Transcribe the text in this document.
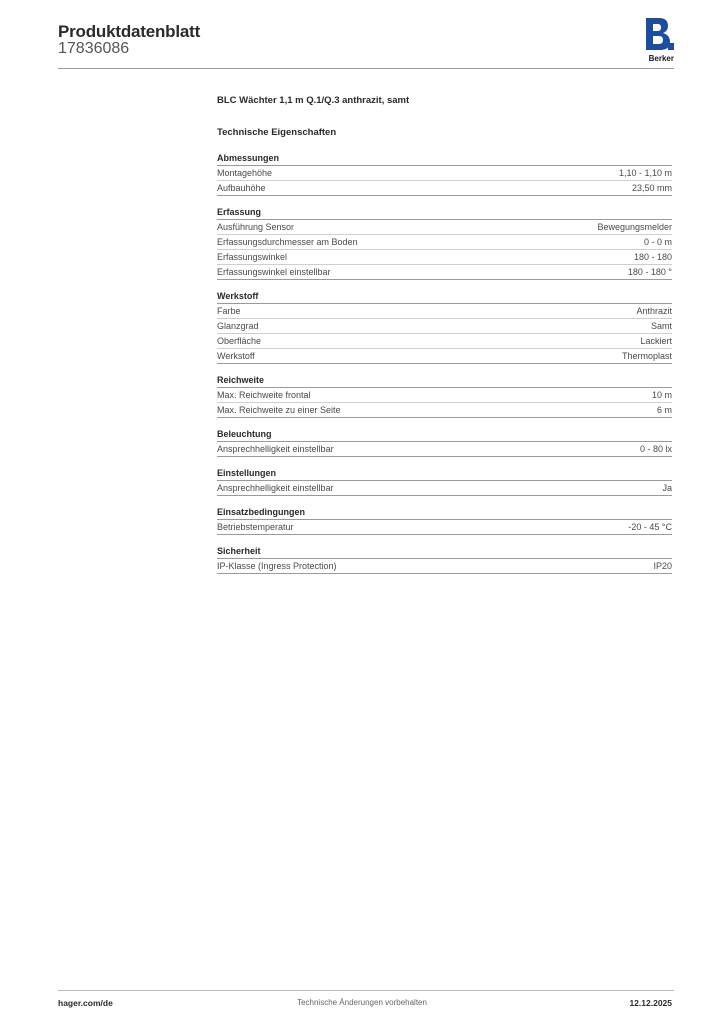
Produktdatenblatt
17836086
Berker
BLC Wächter 1,1 m Q.1/Q.3 anthrazit, samt
Technische Eigenschaften
Abmessungen
Montagehöhe	1,10 - 1,10 m
Aufbauhöhe	23,50 mm
Erfassung
Ausführung Sensor	Bewegungsmelder
Erfassungsdurchmesser am Boden	0 - 0 m
Erfassungswinkel	180 - 180
Erfassungswinkel einstellbar	180 - 180 °
Werkstoff
Farbe	Anthrazit
Glanzgrad	Samt
Oberfläche	Lackiert
Werkstoff	Thermoplast
Reichweite
Max. Reichweite frontal	10 m
Max. Reichweite zu einer Seite	6 m
Beleuchtung
Ansprechhelligkeit einstellbar	0 - 80 lx
Einstellungen
Ansprechhelligkeit einstellbar	Ja
Einsatzbedingungen
Betriebstemperatur	-20 - 45 °C
Sicherheit
IP-Klasse (Ingress Protection)	IP20
hager.com/de	Technische Änderungen vorbehalten	12.12.2025
